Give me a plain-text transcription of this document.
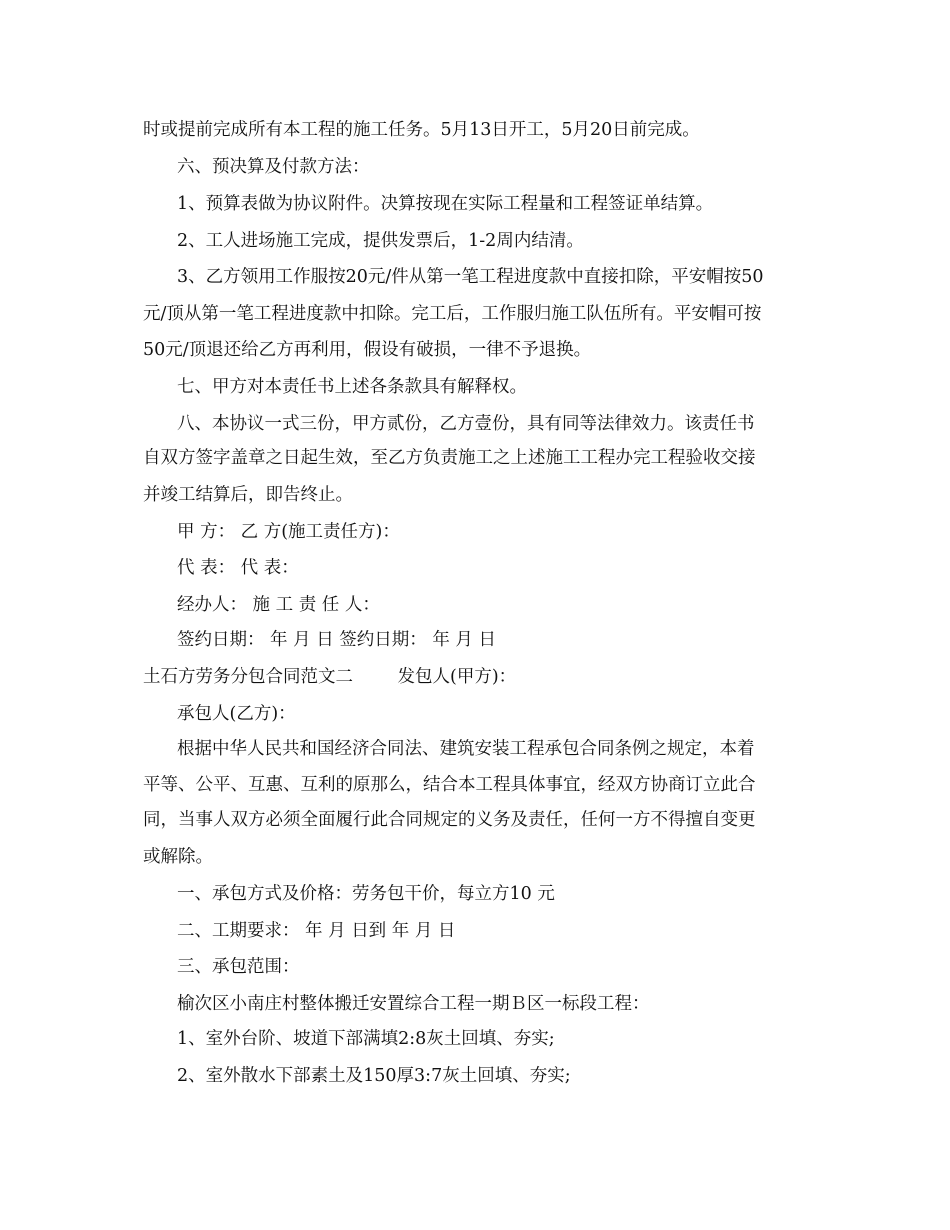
时或提前完成所有本工程的施工任务。5月13日开工，5月20日前完成。
六、预决算及付款方法：
1、预算表做为协议附件。决算按现在实际工程量和工程签证单结算。
2、工人进场施工完成，提供发票后，1-2周内结清。
3、乙方领用工作服按20元/件从第一笔工程进度款中直接扣除，平安帽按50
元/顶从第一笔工程进度款中扣除。完工后，工作服归施工队伍所有。平安帽可按
50元/顶退还给乙方再利用，假设有破损，一律不予退换。
七、甲方对本责任书上述各条款具有解释权。
八、本协议一式三份，甲方贰份，乙方壹份，具有同等法律效力。该责任书
自双方签字盖章之日起生效，至乙方负责施工之上述施工工程办完工程验收交接
并竣工结算后，即告终止。
甲 方： 乙 方(施工责任方)：
代 表： 代 表：
经办人： 施 工 责 任 人：
签约日期： 年 月 日 签约日期： 年 月 日
土石方劳务分包合同范文二        发包人(甲方)：
承包人(乙方)：
根据中华人民共和国经济合同法、建筑安装工程承包合同条例之规定，本着
平等、公平、互惠、互利的原那么，结合本工程具体事宜，经双方协商订立此合
同，当事人双方必须全面履行此合同规定的义务及责任，任何一方不得擅自变更
或解除。
一、承包方式及价格：劳务包干价，每立方10 元
二、工期要求： 年 月 日到 年 月 日
三、承包范围：
榆次区小南庄村整体搬迁安置综合工程一期Ｂ区一标段工程：
1、室外台阶、坡道下部满填2:8灰土回填、夯实;
2、室外散水下部素土及150厚3:7灰土回填、夯实;
